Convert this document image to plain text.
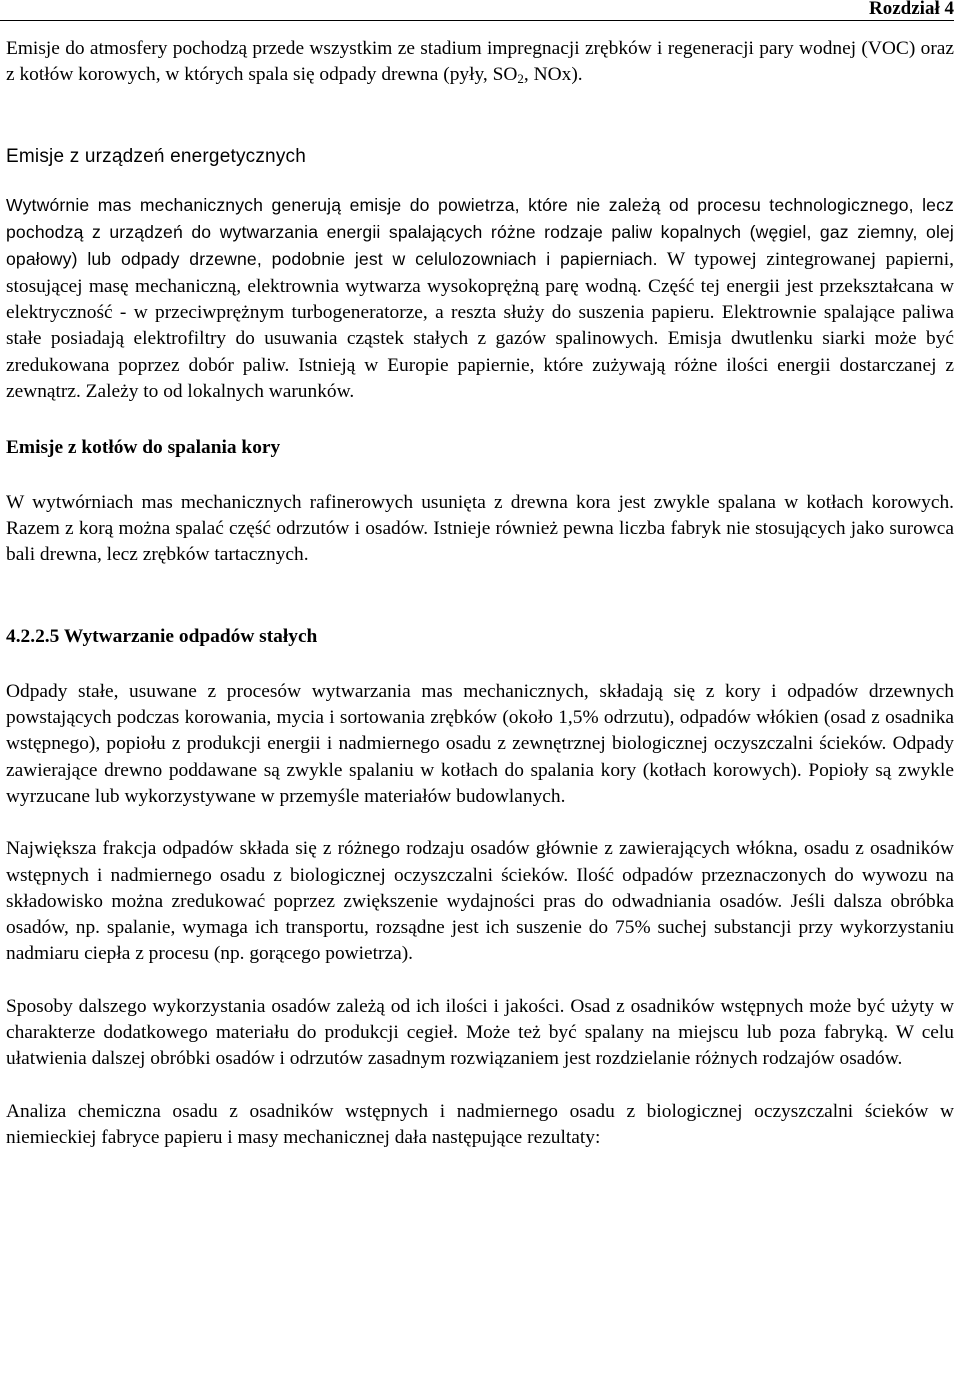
Rozdział 4

Emisje do atmosfery pochodzą przede wszystkim ze stadium impregnacji zrębków i regeneracji pary wodnej (VOC) oraz z kotłów korowych, w których spala się odpady drewna (pyły, $SO_2$, NOx).

Emisje z urządzeń energetycznych

Wytwórnie mas mechanicznych generują emisje do powietrza, które nie zależą od procesu technologicznego, lecz pochodzą z urządzeń do wytwarzania energii spalających różne rodzaje paliw kopalnych (węgiel, gaz ziemny, olej opałowy) lub odpady drzewne, podobnie jest w celulozowniach i papierniach. W typowej zintegrowanej papierni, stosującej masę mechaniczną, elektrownia wytwarza wysokoprężną parę wodną. Część tej energii jest przekształcana w elektryczność - w przeciwprężnym turbogeneratorze, a reszta służy do suszenia papieru. Elektrownie spalające paliwa stałe posiadają elektrofiltry do usuwania cząstek stałych z gazów spalinowych. Emisja dwutlenku siarki może być zredukowana poprzez dobór paliw. Istnieją w Europie papiernie, które zużywają różne ilości energii dostarczanej z zewnątrz. Zależy to od lokalnych warunków.

Emisje z kotłów do spalania kory

W wytwórniach mas mechanicznych rafinerowych usunięta z drewna kora jest zwykle spalana w kotłach korowych. Razem z korą można spalać część odrzutów i osadów. Istnieje również pewna liczba fabryk nie stosujących jako surowca bali drewna, lecz zrębków tartacznych.

4.2.2.5 Wytwarzanie odpadów stałych

Odpady stałe, usuwane z procesów wytwarzania mas mechanicznych, składają się z kory i odpadów drzewnych powstających podczas korowania, mycia i sortowania zrębków (około 1,5% odrzutu), odpadów włókien (osad z osadnika wstępnego), popiołu z produkcji energii i nadmiernego osadu z zewnętrznej biologicznej oczyszczalni ścieków. Odpady zawierające drewno poddawane są zwykle spalaniu w kotłach do spalania kory (kotłach korowych). Popioły są zwykle wyrzucane lub wykorzystywane w przemyśle materiałów budowlanych.

Największa frakcja odpadów składa się z różnego rodzaju osadów głównie z zawierających włókna, osadu z osadników wstępnych i nadmiernego osadu z biologicznej oczyszczalni ścieków. Ilość odpadów przeznaczonych do wywozu na składowisko można zredukować poprzez zwiększenie wydajności pras do odwadniania osadów. Jeśli dalsza obróbka osadów, np. spalanie, wymaga ich transportu, rozsądne jest ich suszenie do 75% suchej substancji przy wykorzystaniu nadmiaru ciepła z procesu (np. gorącego powietrza).

Sposoby dalszego wykorzystania osadów zależą od ich ilości i jakości. Osad z osadników wstępnych może być użyty w charakterze dodatkowego materiału do produkcji cegieł. Może też być spalany na miejscu lub poza fabryką. W celu ułatwienia dalszej obróbki osadów i odrzutów zasadnym rozwiązaniem jest rozdzielanie różnych rodzajów osadów.

Analiza chemiczna osadu z osadników wstępnych i nadmiernego osadu z biologicznej oczyszczalni ścieków w niemieckiej fabryce papieru i masy mechanicznej dała następujące rezultaty:
